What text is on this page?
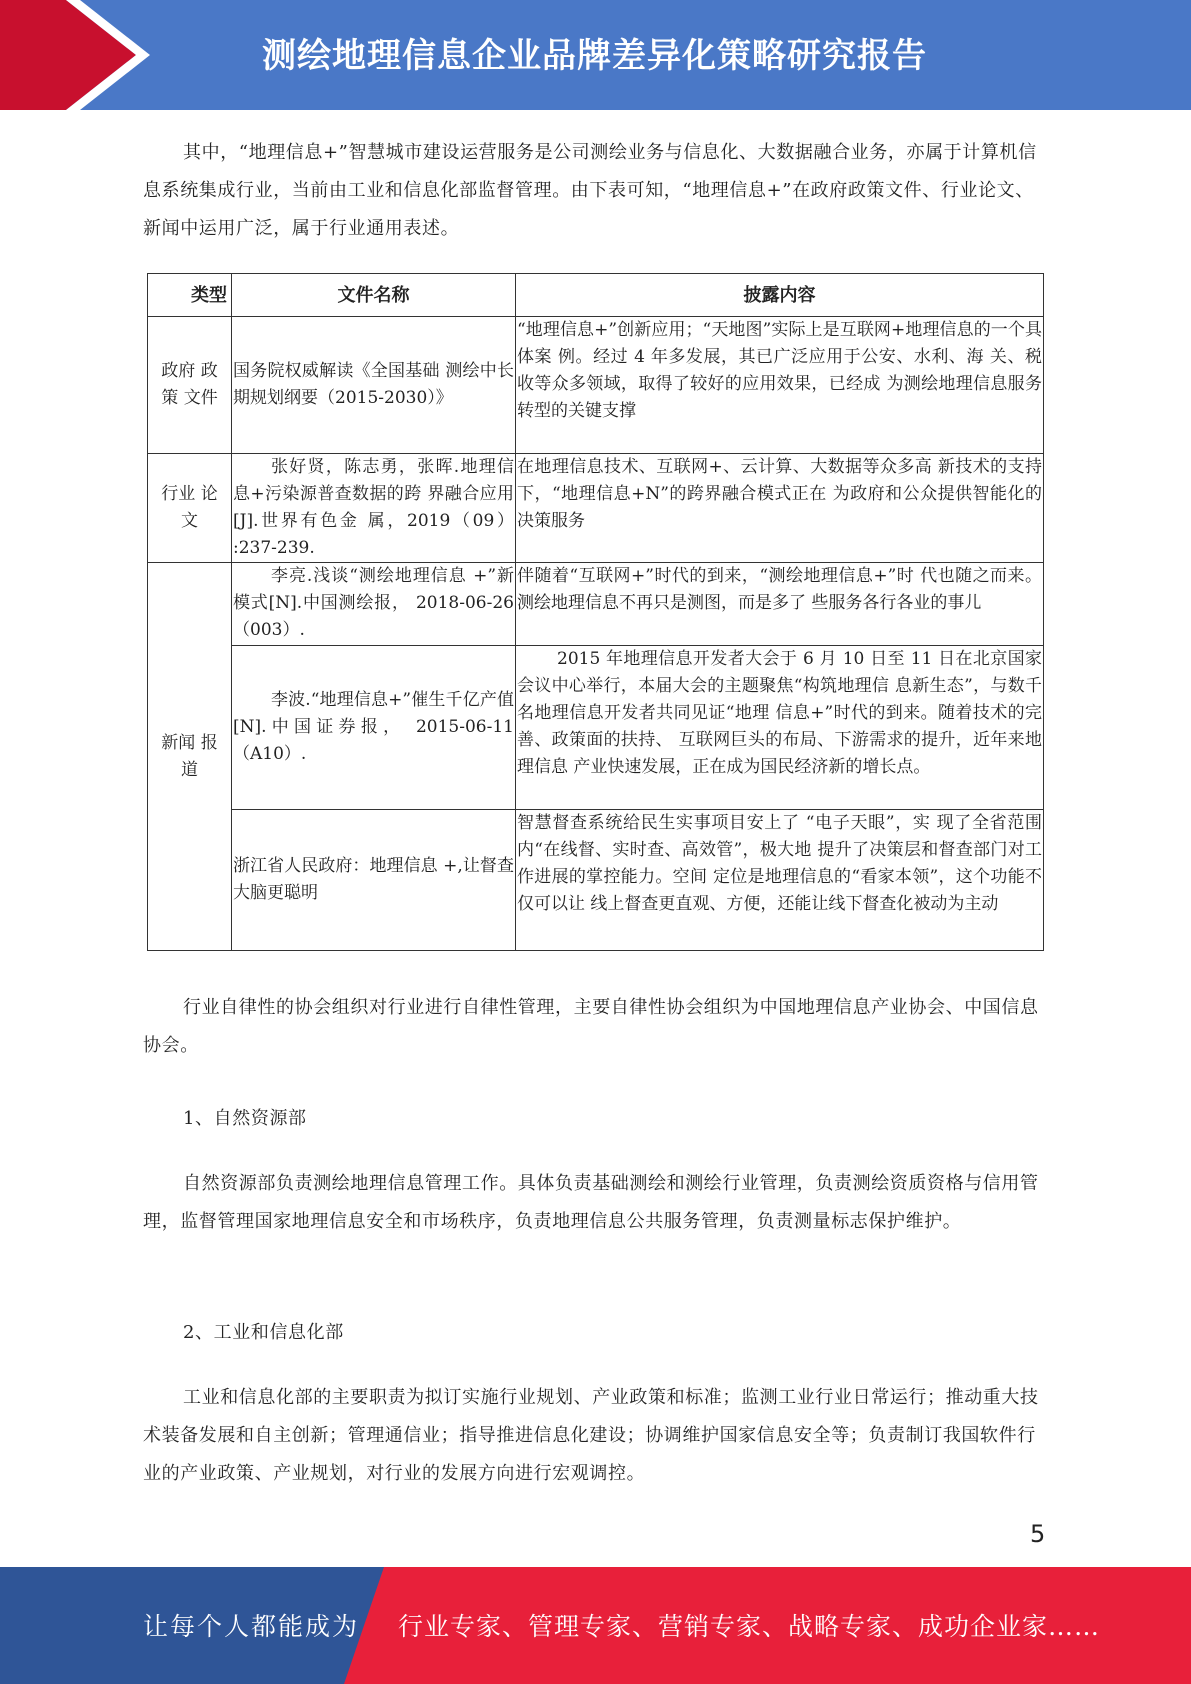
测绘地理信息企业品牌差异化策略研究报告

其中，“地理信息+”智慧城市建设运营服务是公司测绘业务与信息化、大数据融合业务，亦属于计算机信息系统集成行业，当前由工业和信息化部监督管理。由下表可知，“地理信息+”在政府政策文件、行业论文、新闻中运用广泛，属于行业通用表述。

类型	文件名称	披露内容
政府 政策 文件	国务院权威解读《全国基础 测绘中长期规划纲要（2015-2030）》	“地理信息+”创新应用；“天地图”实际上是互联网+地理信息的一个具体案 例。经过 4 年多发展，其已广泛应用于公安、水利、海 关、税收等众多领域，取得了较好的应用效果，已经成 为测绘地理信息服务转型的关键支撑
行业 论文	张好贤，陈志勇，张晖.地理信息+污染源普查数据的跨 界融合应用[J].世界有色金 属，2019（09） :237-239.	在地理信息技术、互联网+、云计算、大数据等众多高 新技术的支持下，“地理信息+N”的跨界融合模式正在 为政府和公众提供智能化的决策服务
新闻 报道	李亮.浅谈“测绘地理信息 +”新模式[N].中国测绘报， 2018-06-26 （003）.	伴随着“互联网+”时代的到来，“测绘地理信息+”时 代也随之而来。测绘地理信息不再只是测图，而是多了 些服务各行各业的事儿
	李波.“地理信息+”催生千亿产值[N].中国证券报， 2015-06-11（A10）.	2015 年地理信息开发者大会于 6 月 10 日至 11 日在北京国家会议中心举行，本届大会的主题聚焦“构筑地理信 息新生态”，与数千名地理信息开发者共同见证“地理 信息+”时代的到来。随着技术的完善、政策面的扶持、 互联网巨头的布局、下游需求的提升，近年来地理信息 产业快速发展，正在成为国民经济新的增长点。
	浙江省人民政府：地理信息 +,让督查大脑更聪明	智慧督查系统给民生实事项目安上了 “电子天眼”，实 现了全省范围内“在线督、实时查、高效管”，极大地 提升了决策层和督查部门对工作进展的掌控能力。空间 定位是地理信息的“看家本领”，这个功能不仅可以让 线上督查更直观、方便，还能让线下督查化被动为主动

行业自律性的协会组织对行业进行自律性管理，主要自律性协会组织为中国地理信息产业协会、中国信息协会。

1、自然资源部

自然资源部负责测绘地理信息管理工作。具体负责基础测绘和测绘行业管理，负责测绘资质资格与信用管理，监督管理国家地理信息安全和市场秩序，负责地理信息公共服务管理，负责测量标志保护维护。

2、工业和信息化部

工业和信息化部的主要职责为拟订实施行业规划、产业政策和标准；监测工业行业日常运行；推动重大技术装备发展和自主创新；管理通信业；指导推进信息化建设；协调维护国家信息安全等；负责制订我国软件行业的产业政策、产业规划，对行业的发展方向进行宏观调控。

5
让每个人都能成为 行业专家、管理专家、营销专家、战略专家、成功企业家……
